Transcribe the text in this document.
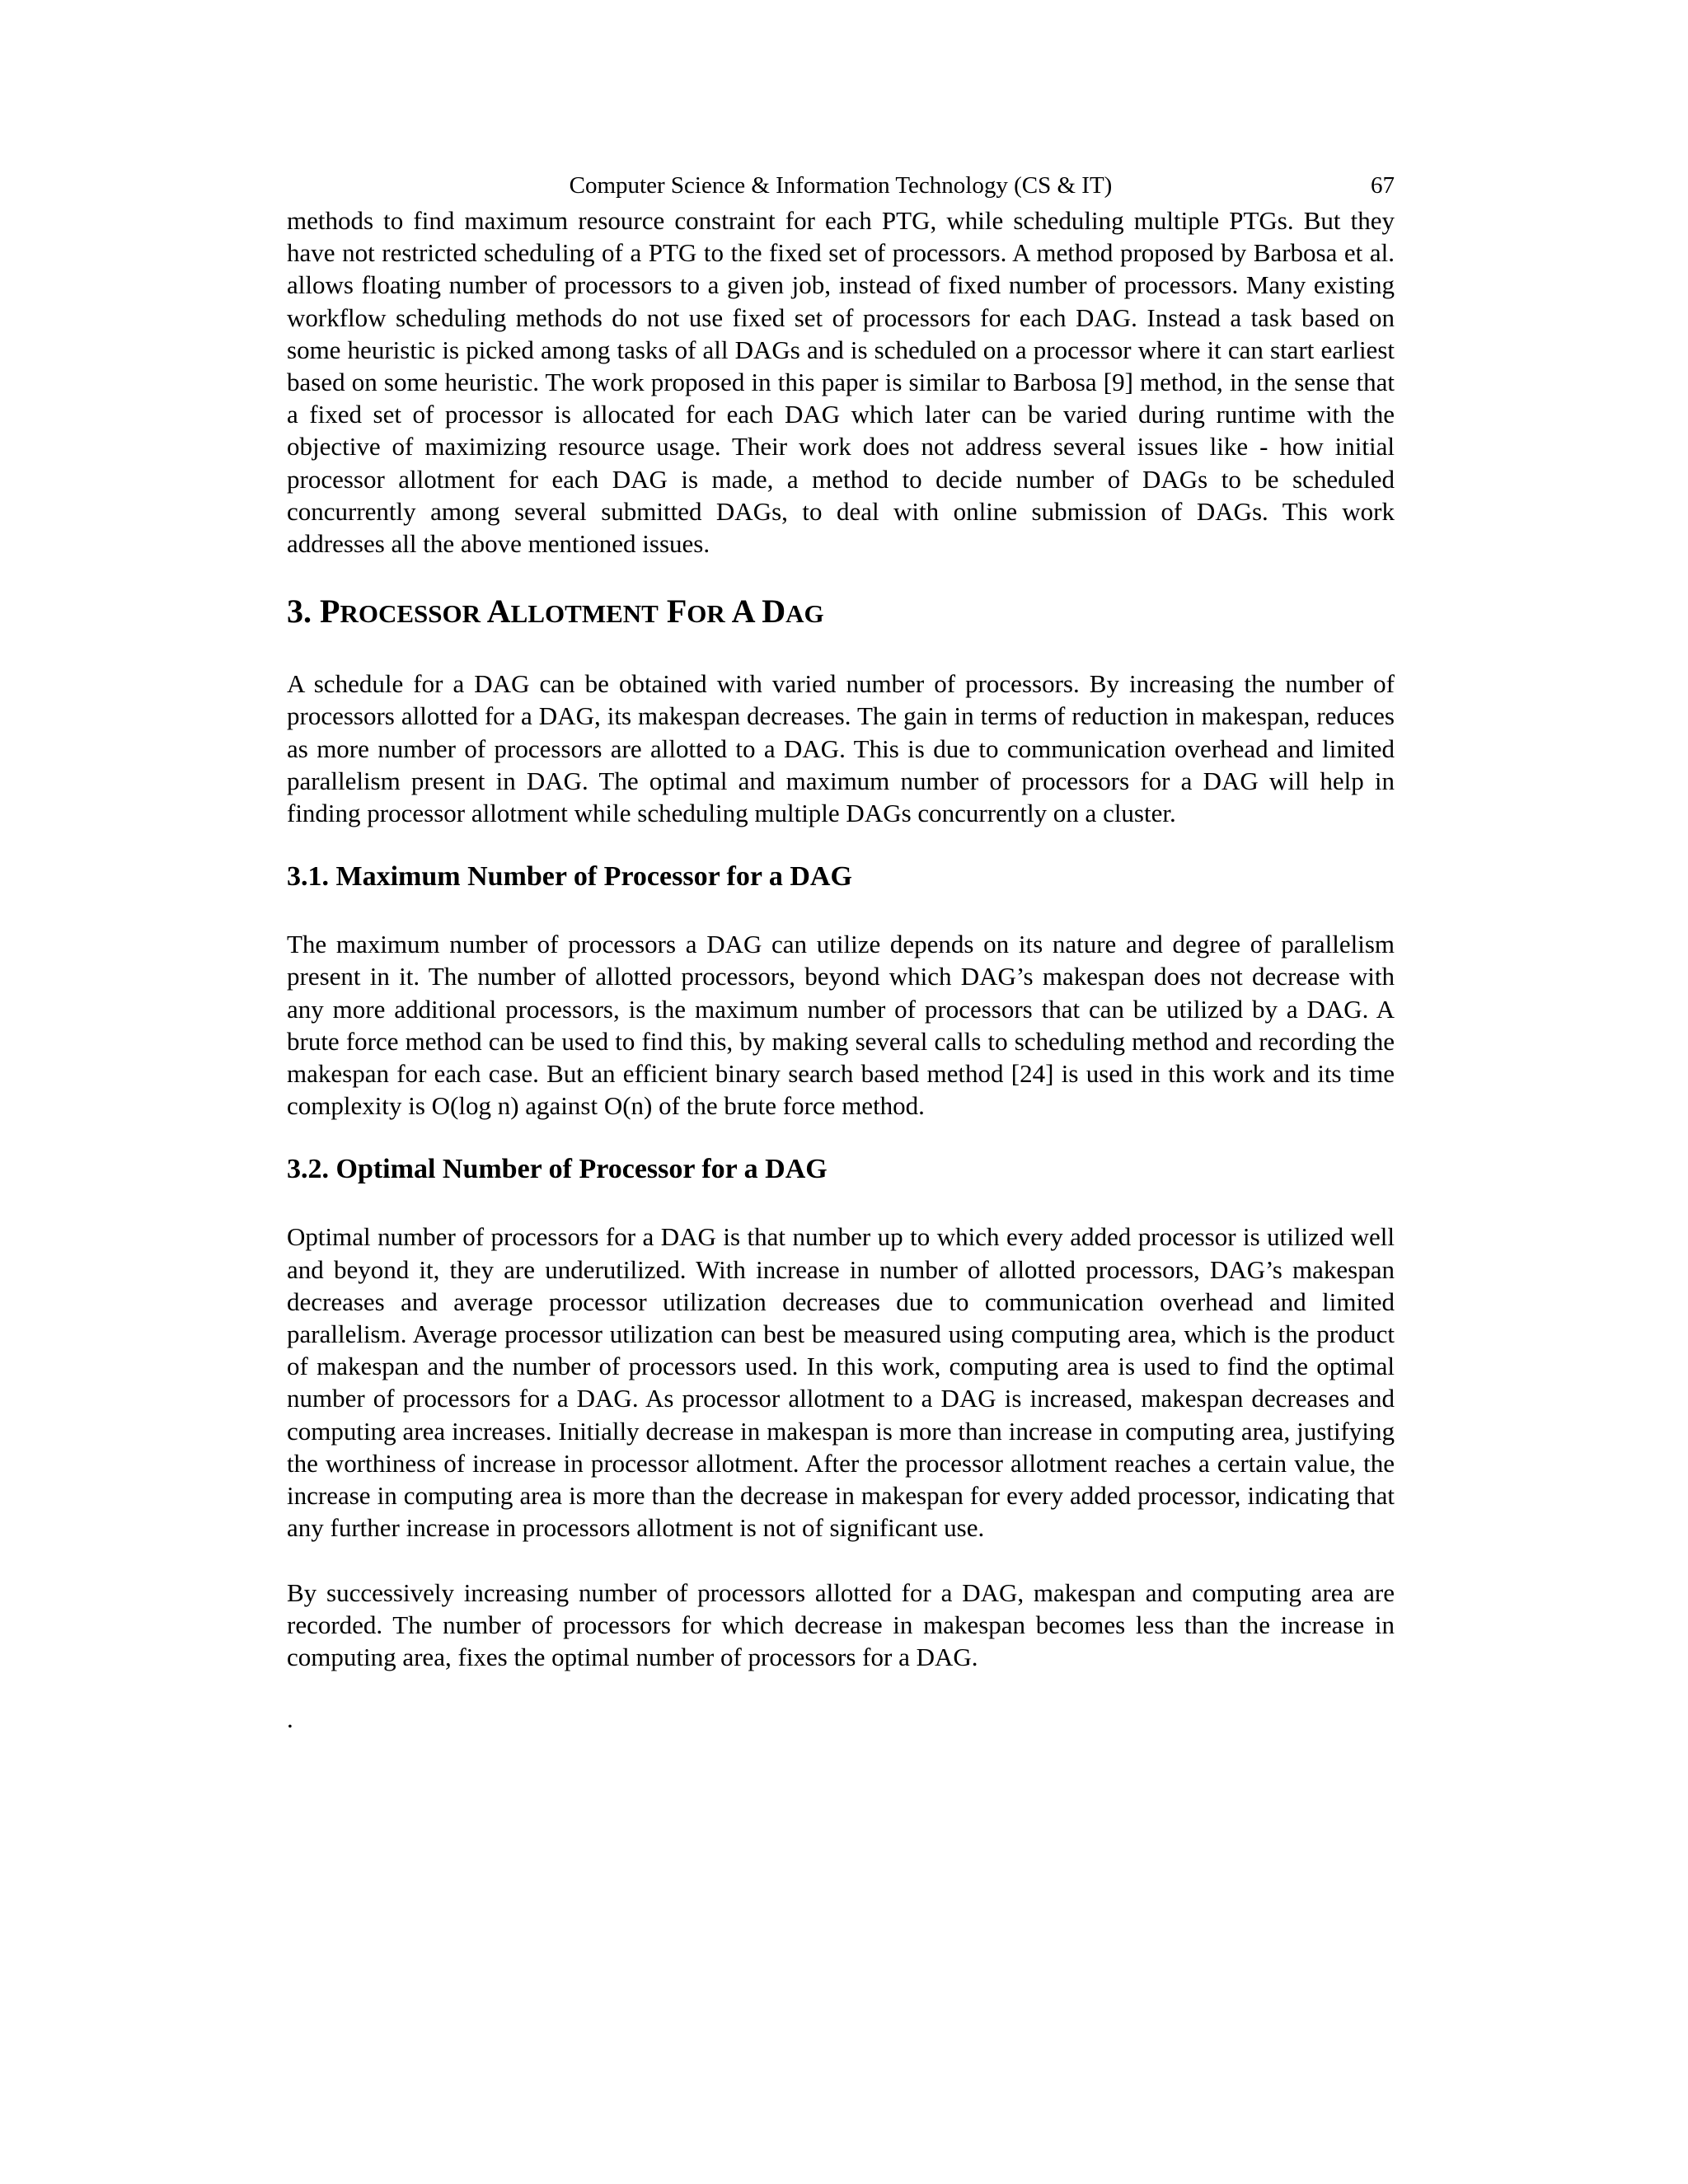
Computer Science & Information Technology (CS & IT)	67

methods to find maximum resource constraint for each PTG, while scheduling multiple PTGs. But they have not restricted scheduling of a PTG to the fixed set of processors. A method proposed by Barbosa et al. allows floating number of processors to a given job, instead of fixed number of processors. Many existing workflow scheduling methods do not use fixed set of processors for each DAG. Instead a task based on some heuristic is picked among tasks of all DAGs and is scheduled on a processor where it can start earliest based on some heuristic. The work proposed in this paper is similar to Barbosa [9] method, in the sense that a fixed set of processor is allocated for each DAG which later can be varied during runtime with the objective of maximizing resource usage. Their work does not address several issues like - how initial processor allotment for each DAG is made, a method to decide number of DAGs to be scheduled concurrently among several submitted DAGs, to deal with online submission of DAGs. This work addresses all the above mentioned issues.

3. PROCESSOR ALLOTMENT FOR A DAG

A schedule for a DAG can be obtained with varied number of processors. By increasing the number of processors allotted for a DAG, its makespan decreases. The gain in terms of reduction in makespan, reduces as more number of processors are allotted to a DAG. This is due to communication overhead and limited parallelism present in DAG. The optimal and maximum number of processors for a DAG will help in finding processor allotment while scheduling multiple DAGs concurrently on a cluster.

3.1. Maximum Number of Processor for a DAG

The maximum number of processors a DAG can utilize depends on its nature and degree of parallelism present in it. The number of allotted processors, beyond which DAG’s makespan does not decrease with any more additional processors, is the maximum number of processors that can be utilized by a DAG. A brute force method can be used to find this, by making several calls to scheduling method and recording the makespan for each case. But an efficient binary search based method [24] is used in this work and its time complexity is O(log n) against O(n) of the brute force method.

3.2. Optimal Number of Processor for a DAG

Optimal number of processors for a DAG is that number up to which every added processor is utilized well and beyond it, they are underutilized. With increase in number of allotted processors, DAG’s makespan decreases and average processor utilization decreases due to communication overhead and limited parallelism. Average processor utilization can best be measured using computing area, which is the product of makespan and the number of processors used. In this work, computing area is used to find the optimal number of processors for a DAG. As processor allotment to a DAG is increased, makespan decreases and computing area increases. Initially decrease in makespan is more than increase in computing area, justifying the worthiness of increase in processor allotment. After the processor allotment reaches a certain value, the increase in computing area is more than the decrease in makespan for every added processor, indicating that any further increase in processors allotment is not of significant use.

By successively increasing number of processors allotted for a DAG, makespan and computing area are recorded. The number of processors for which decrease in makespan becomes less than the increase in computing area, fixes the optimal number of processors for a DAG.

.
